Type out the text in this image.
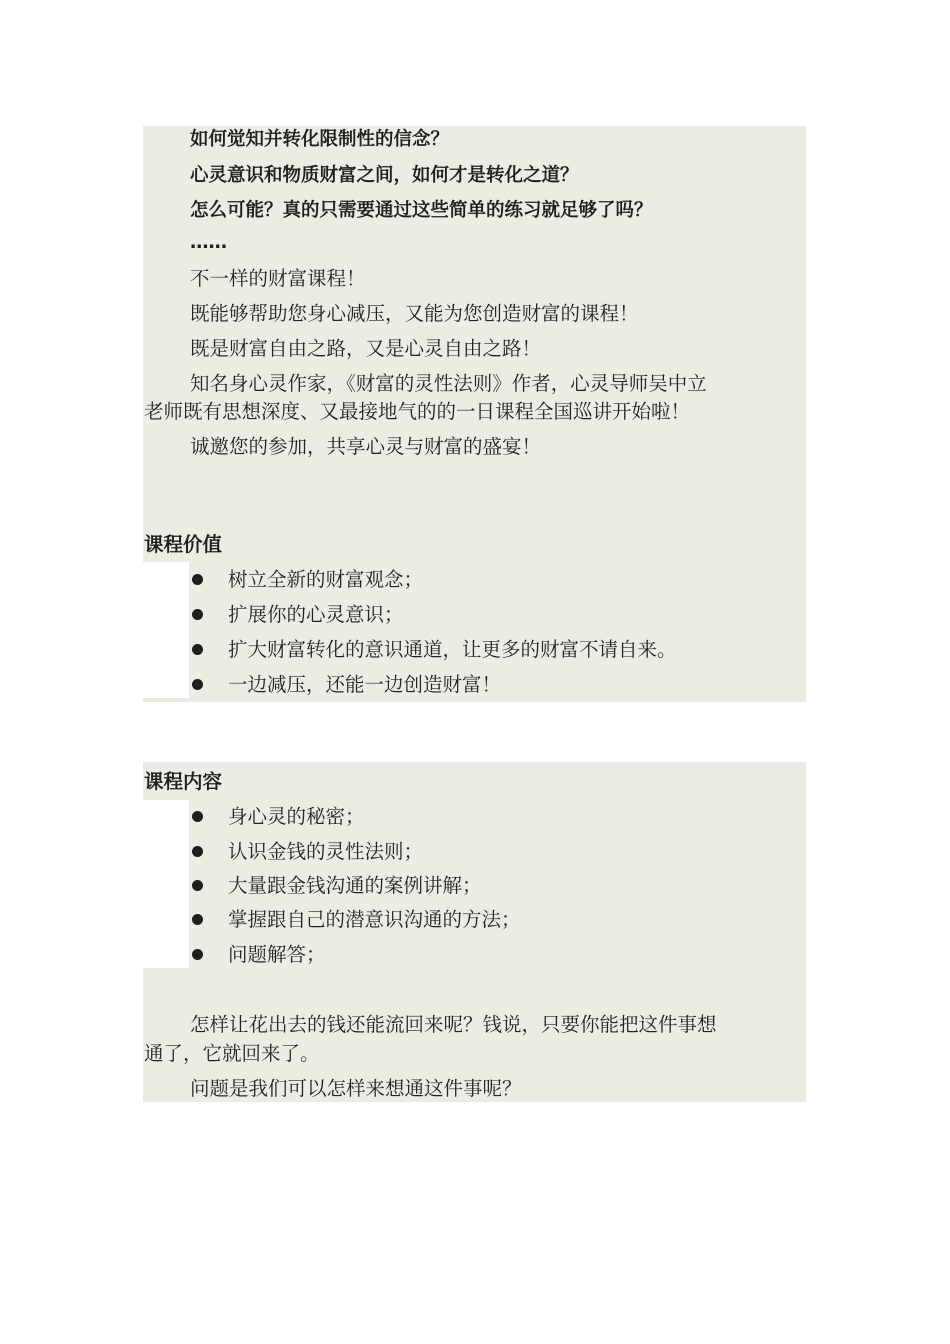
如何觉知并转化限制性的信念？
心灵意识和物质财富之间，如何才是转化之道？
怎么可能？真的只需要通过这些简单的练习就足够了吗？
……
不一样的财富课程！
既能够帮助您身心减压，又能为您创造财富的课程！
既是财富自由之路，又是心灵自由之路！
知名身心灵作家，《财富的灵性法则》作者，心灵导师吴中立
老师既有思想深度、又最接地气的的一日课程全国巡讲开始啦！
诚邀您的参加，共享心灵与财富的盛宴！
课程价值
树立全新的财富观念；
扩展你的心灵意识；
扩大财富转化的意识通道，让更多的财富不请自来。
一边减压，还能一边创造财富！
课程内容
身心灵的秘密；
认识金钱的灵性法则；
大量跟金钱沟通的案例讲解；
掌握跟自己的潜意识沟通的方法；
问题解答；
怎样让花出去的钱还能流回来呢？钱说，只要你能把这件事想
通了，它就回来了。
问题是我们可以怎样来想通这件事呢？
